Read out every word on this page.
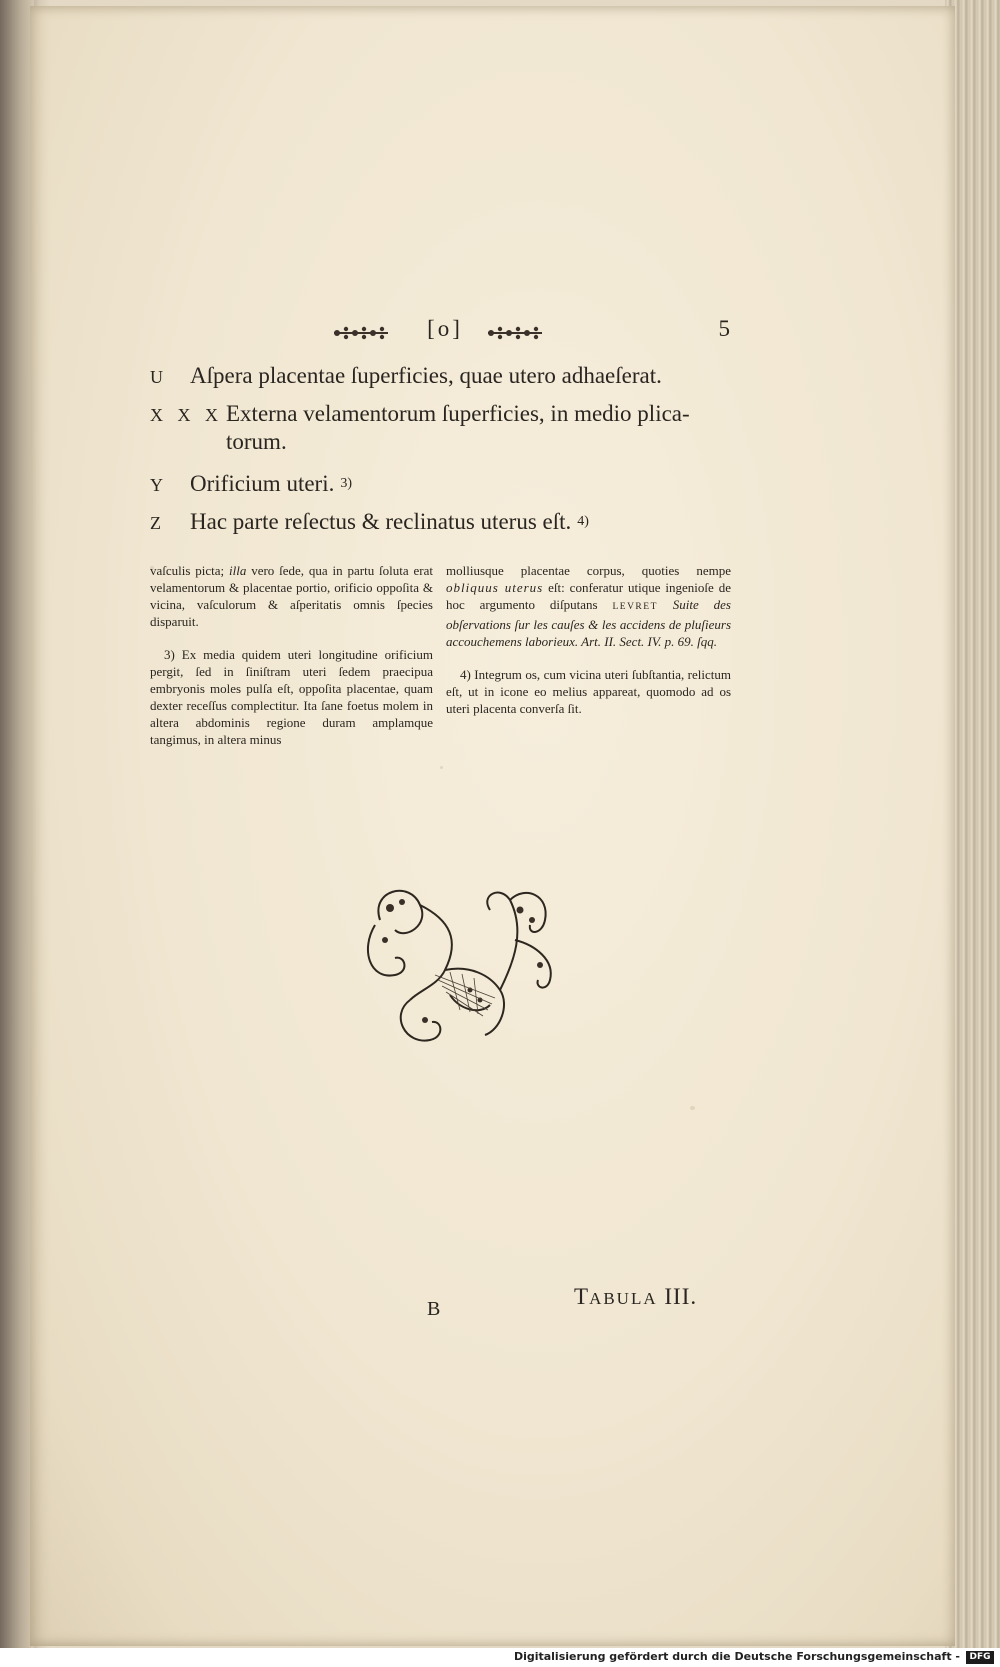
[o]	5
U Aſpera placentae ſuperficies, quae utero adhaeſerat.
X X X Externa velamentorum ſuperficies, in medio plica-torum.
Y Orificium uteri. 3)
Z Hac parte reſectus & reclinatus uterus eſt. 4)

vaſculis picta; illa vero ſede, qua in partu ſoluta erat velamentorum & placentae portio, orificio oppoſita & vicina, vaſculorum & aſperitatis omnis ſpecies disparuit.

3) Ex media quidem uteri longitudine orificium pergit, ſed in ſiniſtram uteri ſedem praecipua embryonis moles pulſa eſt, oppoſita placentae, quam dexter receſſus complectitur. Ita ſane foetus molem in altera abdominis regione duram amplamque tangimus, in altera minus

molliusque placentae corpus, quoties nempe obliquus uterus eſt: conferatur utique ingenioſe de hoc argumento diſputans LEVRET Suite des obſervations ſur les cauſes & les accidens de pluſieurs accouchemens laborieux. Art. II. Sect. IV. p. 69. ſqq.

4) Integrum os, cum vicina uteri ſubſtantia, relictum eſt, ut in icone eo melius appareat, quomodo ad os uteri placenta converſa ſit.

B	TABULA III.
Digitalisierung gefördert durch die Deutsche Forschungsgemeinschaft -	DFG
